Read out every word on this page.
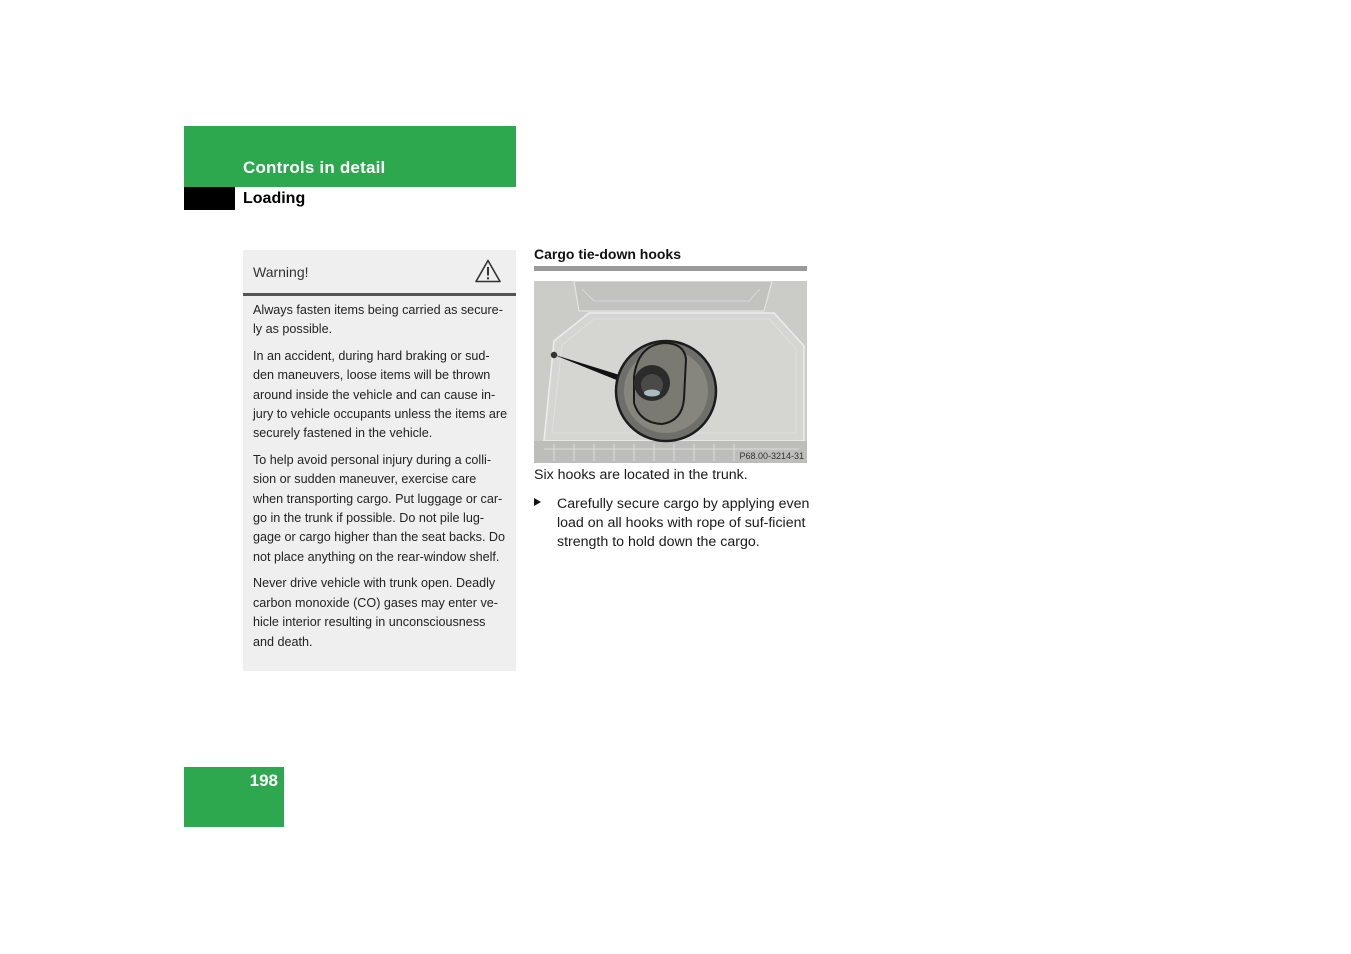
Controls in detail
Loading
Warning!

Always fasten items being carried as secure-ly as possible.

In an accident, during hard braking or sud-den maneuvers, loose items will be thrown around inside the vehicle and can cause in-jury to vehicle occupants unless the items are securely fastened in the vehicle.

To help avoid personal injury during a colli-sion or sudden maneuver, exercise care when transporting cargo. Put luggage or car-go in the trunk if possible. Do not pile lug-gage or cargo higher than the seat backs. Do not place anything on the rear-window shelf.

Never drive vehicle with trunk open. Deadly carbon monoxide (CO) gases may enter ve-hicle interior resulting in unconsciousness and death.

Cargo tie-down hooks
P68.00-3214-31
Six hooks are located in the trunk.
Carefully secure cargo by applying even load on all hooks with rope of suf-ficient strength to hold down the cargo.
198
